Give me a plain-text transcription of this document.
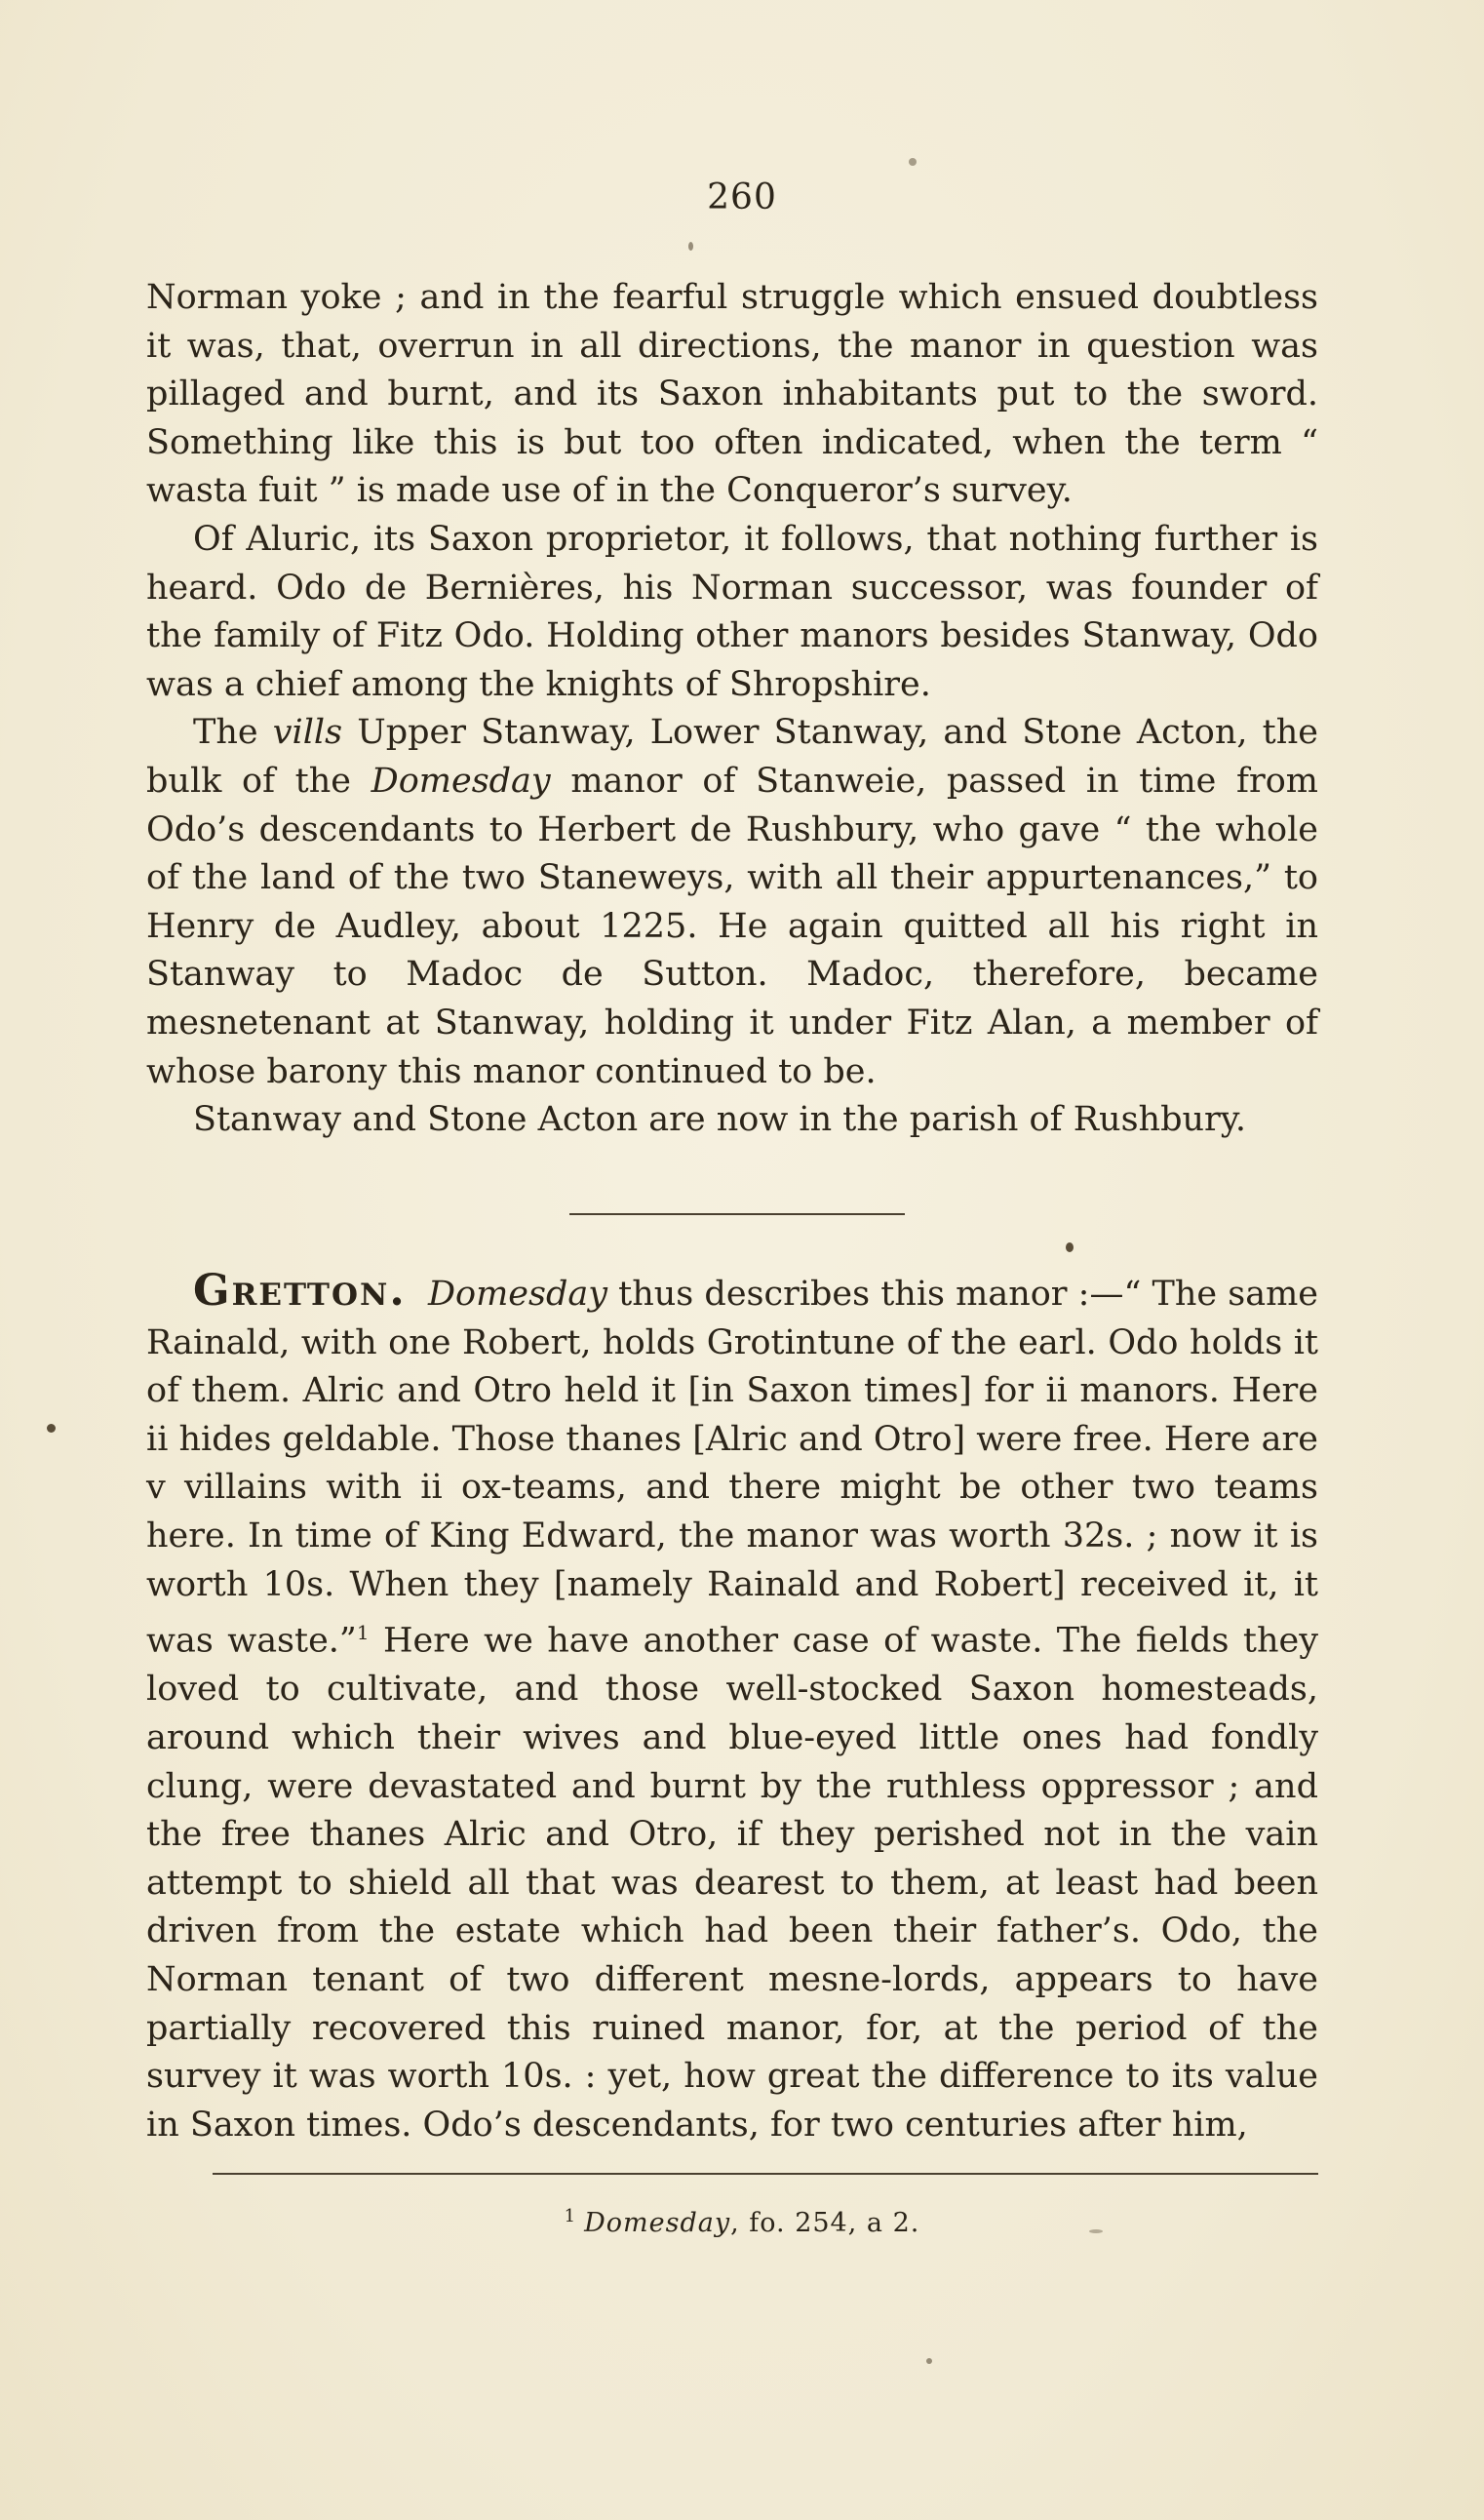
260

Norman yoke ; and in the fearful struggle which ensued doubtless it was, that, overrun in all directions, the manor in question was pillaged and burnt, and its Saxon inhabitants put to the sword. Something like this is but too often indicated, when the term “ wasta fuit ” is made use of in the Conqueror’s survey.

Of Aluric, its Saxon proprietor, it follows, that nothing further is heard. Odo de Bernières, his Norman successor, was founder of the family of Fitz Odo. Holding other manors besides Stanway, Odo was a chief among the knights of Shropshire.

The vills Upper Stanway, Lower Stanway, and Stone Acton, the bulk of the Domesday manor of Stanweie, passed in time from Odo’s descendants to Herbert de Rushbury, who gave “ the whole of the land of the two Staneweys, with all their appurtenances,” to Henry de Audley, about 1225. He again quitted all his right in Stanway to Madoc de Sutton. Madoc, therefore, became mesnetenant at Stanway, holding it under Fitz Alan, a member of whose barony this manor continued to be.

Stanway and Stone Acton are now in the parish of Rushbury.

Gretton. Domesday thus describes this manor :—“ The same Rainald, with one Robert, holds Grotintune of the earl. Odo holds it of them. Alric and Otro held it [in Saxon times] for ii manors. Here ii hides geldable. Those thanes [Alric and Otro] were free. Here are v villains with ii ox-teams, and there might be other two teams here. In time of King Edward, the manor was worth 32s. ; now it is worth 10s. When they [namely Rainald and Robert] received it, it was waste.”$^1$ Here we have another case of waste. The fields they loved to cultivate, and those well-stocked Saxon homesteads, around which their wives and blue-eyed little ones had fondly clung, were devastated and burnt by the ruthless oppressor ; and the free thanes Alric and Otro, if they perished not in the vain attempt to shield all that was dearest to them, at least had been driven from the estate which had been their father’s. Odo, the Norman tenant of two different mesne-lords, appears to have partially recovered this ruined manor, for, at the period of the survey it was worth 10s. : yet, how great the difference to its value in Saxon times. Odo’s descendants, for two centuries after him,

$^1$ Domesday, fo. 254, a 2.
